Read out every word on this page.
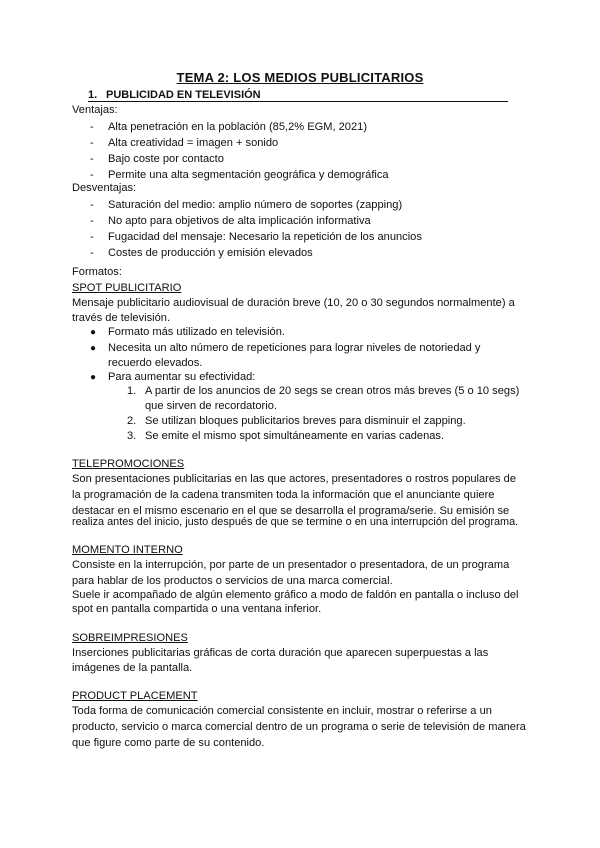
TEMA 2: LOS MEDIOS PUBLICITARIOS
1. PUBLICIDAD EN TELEVISIÓN
Ventajas:
- Alta penetración en la población (85,2% EGM, 2021)
- Alta creatividad = imagen + sonido
- Bajo coste por contacto
- Permite una alta segmentación geográfica y demográfica
Desventajas:
- Saturación del medio: amplio número de soportes (zapping)
- No apto para objetivos de alta implicación informativa
- Fugacidad del mensaje: Necesario la repetición de los anuncios
- Costes de producción y emisión elevados
Formatos:
SPOT PUBLICITARIO
Mensaje publicitario audiovisual de duración breve (10, 20 o 30 segundos normalmente) a
través de televisión.
● Formato más utilizado en televisión.
● Necesita un alto número de repeticiones para lograr niveles de notoriedad y
recuerdo elevados.
● Para aumentar su efectividad:
1. A partir de los anuncios de 20 segs se crean otros más breves (5 o 10 segs)
que sirven de recordatorio.
2. Se utilizan bloques publicitarios breves para disminuir el zapping.
3. Se emite el mismo spot simultáneamente en varias cadenas.
TELEPROMOCIONES
Son presentaciones publicitarias en las que actores, presentadores o rostros populares de
la programación de la cadena transmiten toda la información que el anunciante quiere
destacar en el mismo escenario en el que se desarrolla el programa/serie. Su emisión se
realiza antes del inicio, justo después de que se termine o en una interrupción del programa.
MOMENTO INTERNO
Consiste en la interrupción, por parte de un presentador o presentadora, de un programa
para hablar de los productos o servicios de una marca comercial.
Suele ir acompañado de algún elemento gráfico a modo de faldón en pantalla o incluso del
spot en pantalla compartida o una ventana inferior.
SOBREIMPRESIONES
Inserciones publicitarias gráficas de corta duración que aparecen superpuestas a las
imágenes de la pantalla.
PRODUCT PLACEMENT
Toda forma de comunicación comercial consistente en incluir, mostrar o referirse a un
producto, servicio o marca comercial dentro de un programa o serie de televisión de manera
que figure como parte de su contenido.
